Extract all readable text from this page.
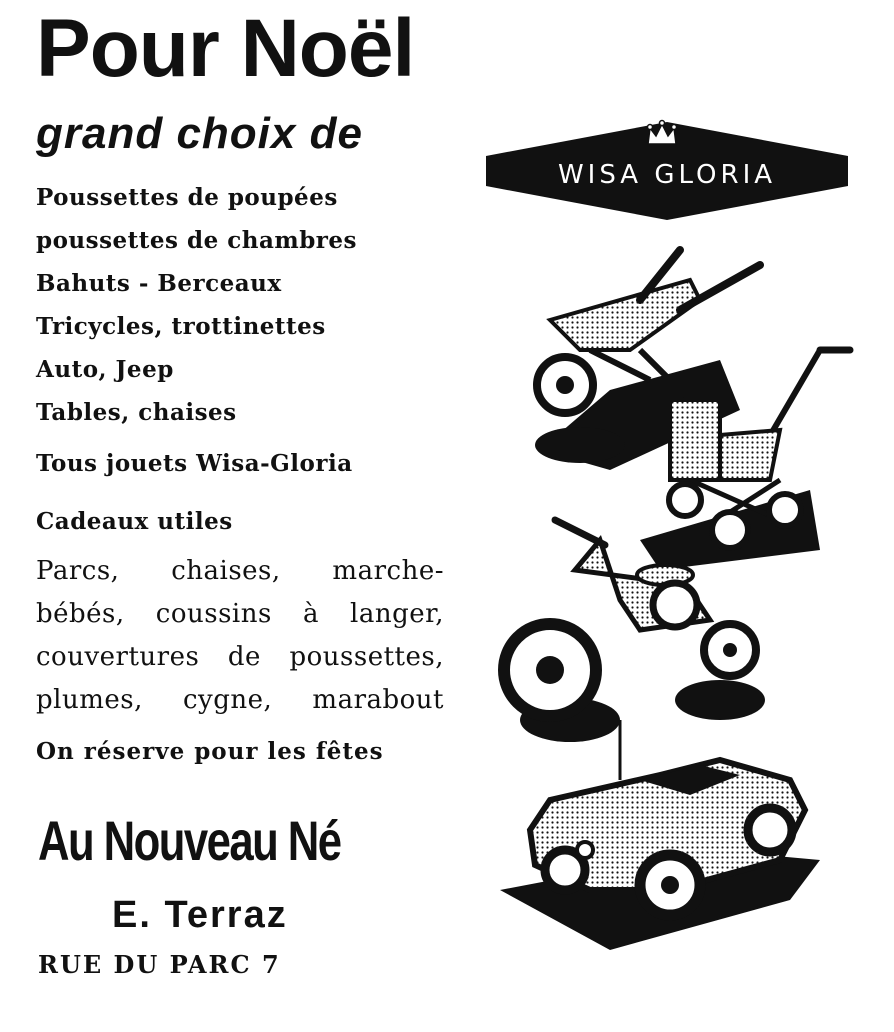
Pour Noël
grand choix de
Poussettes de poupées
poussettes de chambres
Bahuts - Berceaux
Tricycles, trottinettes
Auto, Jeep
Tables, chaises
Tous jouets Wisa-Gloria
Cadeaux utiles
Parcs, chaises, marche-
bébés, coussins à langer,
couvertures de poussettes,
plumes, cygne, marabout
On réserve pour les fêtes
Au Nouveau Né
E. Terraz
RUE DU PARC 7
WISA GLORIA
